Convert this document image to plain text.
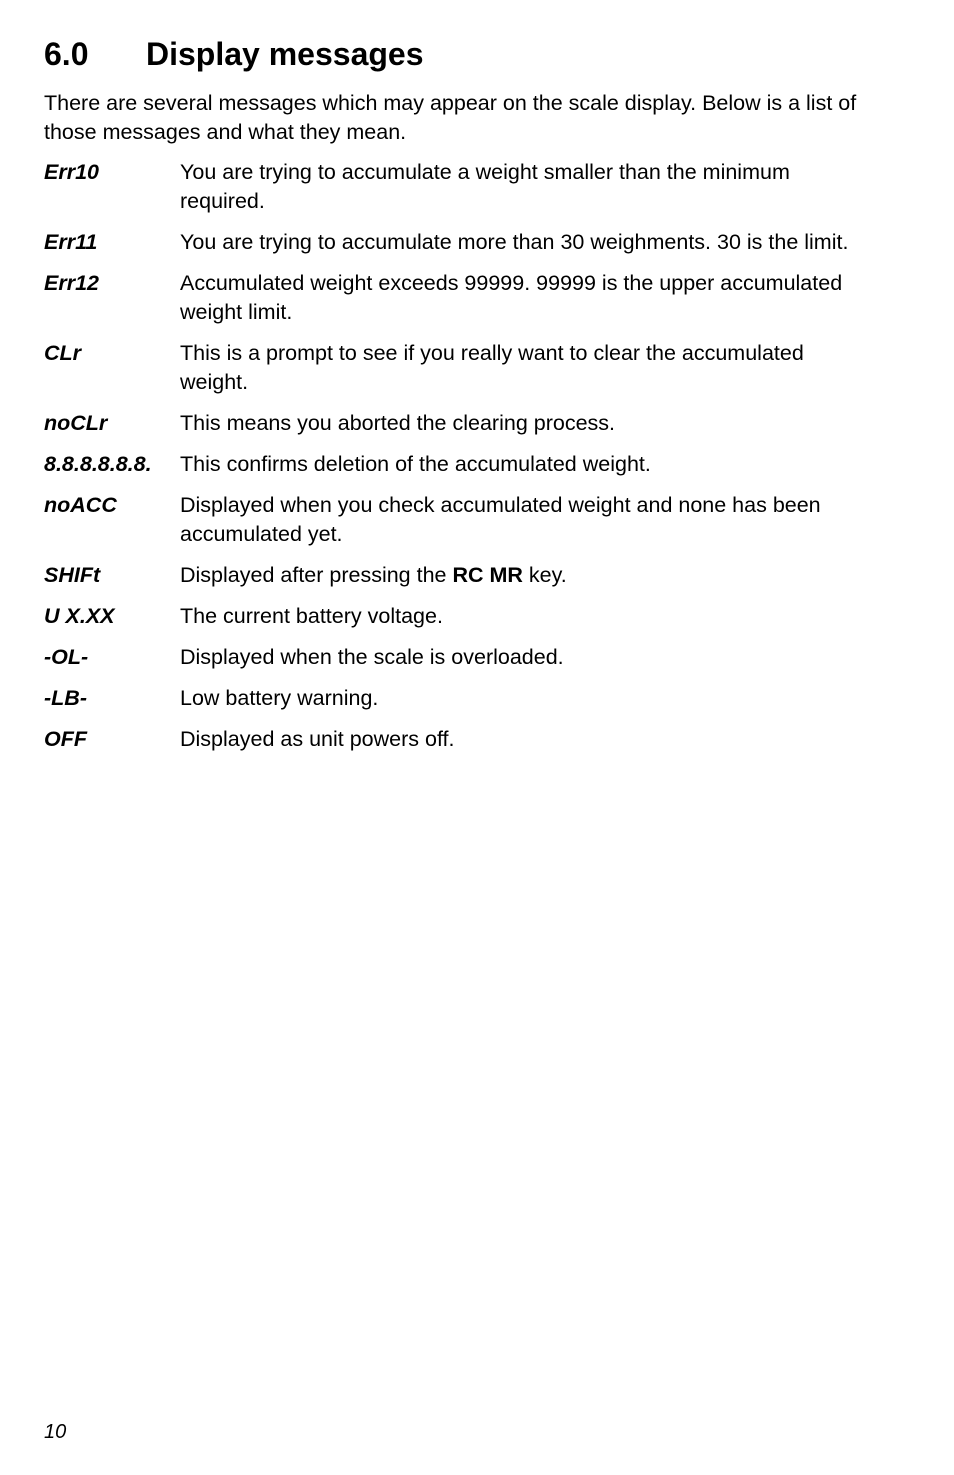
6.0 Display messages

There are several messages which may appear on the scale display. Below is a list of those messages and what they mean.

Err10	You are trying to accumulate a weight smaller than the minimum required.
Err11	You are trying to accumulate more than 30 weighments. 30 is the limit.
Err12	Accumulated weight exceeds 99999. 99999 is the upper accumulated weight limit.
CLr	This is a prompt to see if you really want to clear the accumulated weight.
noCLr	This means you aborted the clearing process.
8.8.8.8.8.8.	This confirms deletion of the accumulated weight.
noACC	Displayed when you check accumulated weight and none has been accumulated yet.
SHIFt	Displayed after pressing the RC MR key.
U X.XX	The current battery voltage.
-OL-	Displayed when the scale is overloaded.
-LB-	Low battery warning.
OFF	Displayed as unit powers off.
10
